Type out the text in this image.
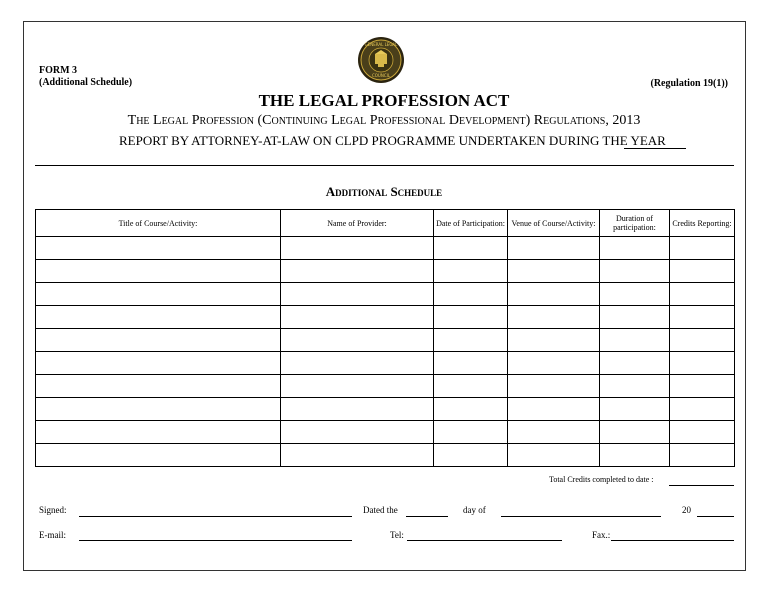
FORM 3
(Additional Schedule)
GENERAL LEGAL
COUNCIL
(Regulation 19(1))
THE LEGAL PROFESSION ACT
The Legal Profession (Continuing Legal Professional Development) Regulations, 2013
REPORT BY ATTORNEY-AT-LAW ON CLPD PROGRAMME UNDERTAKEN DURING THE YEAR
Additional Schedule
Title of Course/Activity:	Name of Provider:	Date of Participation:	Venue of Course/Activity:	Duration of participation:	Credits Reporting:

Total Credits completed to date :
Signed:	Dated the	day of	20
E-mail:	Tel:	Fax.:
